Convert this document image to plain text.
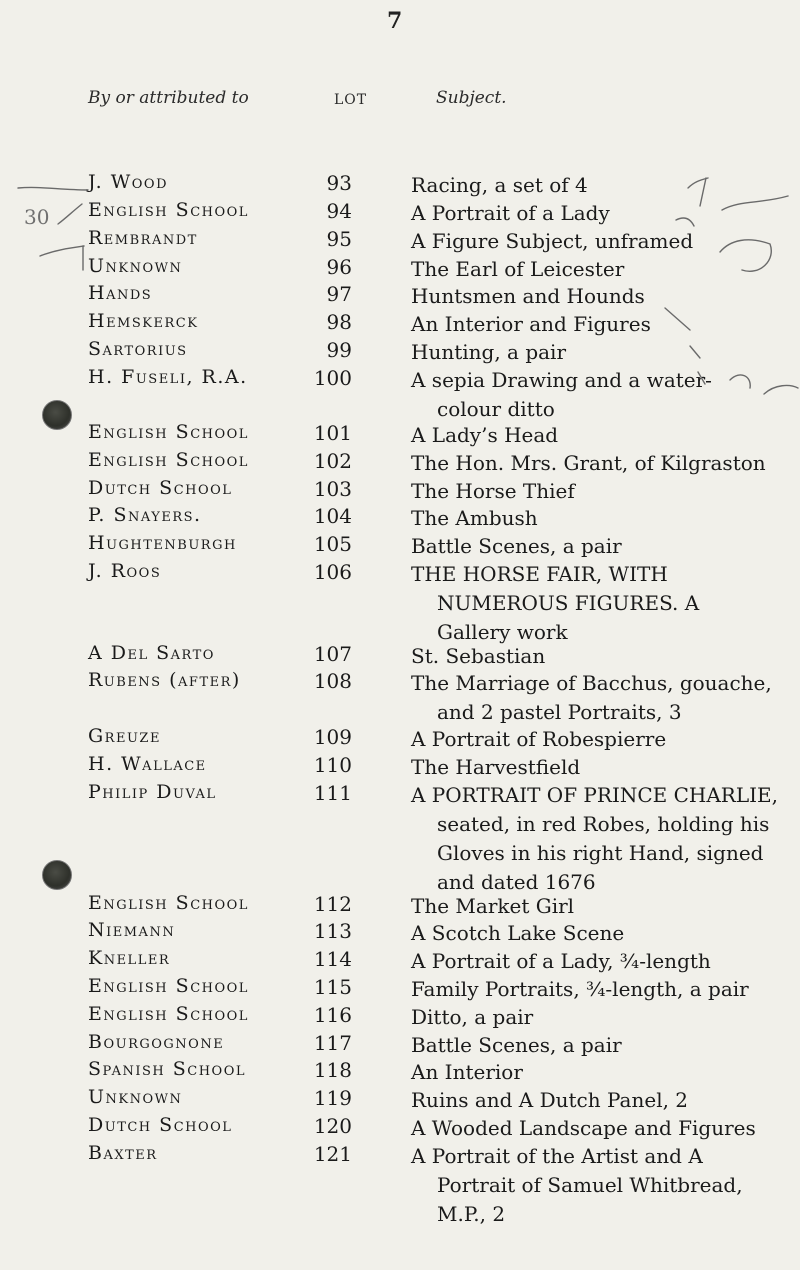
7
By or attributed to	LOT	Subject.
J. Wood	93	Racing, a set of 4
English School	94	A Portrait of a Lady
Rembrandt	95	A Figure Subject, unframed
Unknown	96	The Earl of Leicester
Hands	97	Huntsmen and Hounds
Hemskerck	98	An Interior and Figures
Sartorius	99	Hunting, a pair
H. Fuseli, R.A.	100	A sepia Drawing and a water-
colour ditto
English School	101	A Lady’s Head
English School	102	The Hon. Mrs. Grant, of Kilgraston
Dutch School	103	The Horse Thief
P. Snayers.	104	The Ambush
Hughtenburgh	105	Battle Scenes, a pair
J. Roos	106	THE HORSE FAIR, WITH
NUMEROUS FIGURES. A
Gallery work
A Del Sarto	107	St. Sebastian
Rubens (after)	108	The Marriage of Bacchus, gouache,
and 2 pastel Portraits, 3
Greuze	109	A Portrait of Robespierre
H. Wallace	110	The Harvestfield
Philip Duval	111	A PORTRAIT OF PRINCE CHARLIE,
seated, in red Robes, holding his
Gloves in his right Hand, signed
and dated 1676
English School	112	The Market Girl
Niemann	113	A Scotch Lake Scene
Kneller	114	A Portrait of a Lady, ¾-length
English School	115	Family Portraits, ¾-length, a pair
English School	116	Ditto, a pair
Bourgognone	117	Battle Scenes, a pair
Spanish School	118	An Interior
Unknown	119	Ruins and A Dutch Panel, 2
Dutch School	120	A Wooded Landscape and Figures
Baxter	121	A Portrait of the Artist and A
Portrait of Samuel Whitbread,
M.P., 2
30
